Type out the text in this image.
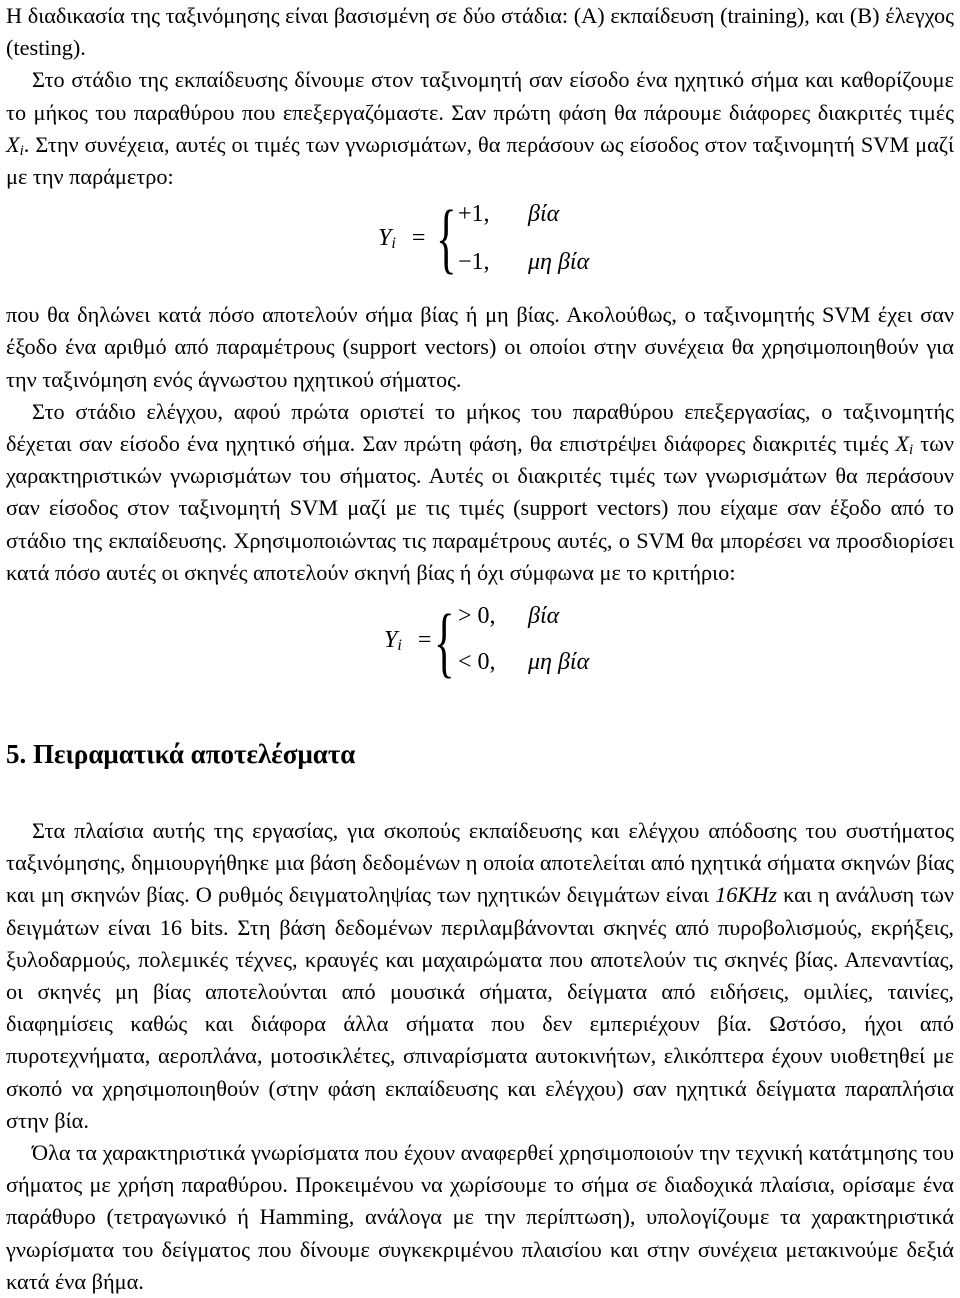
Η διαδικασία της ταξινόμησης είναι βασισμένη σε δύο στάδια: (Α) εκπαίδευση (training), και (Β) έλεγχος (testing).

Στο στάδιο της εκπαίδευσης δίνουμε στον ταξινομητή σαν είσοδο ένα ηχητικό σήμα και καθορίζουμε το μήκος του παραθύρου που επεξεργαζόμαστε. Σαν πρώτη φάση θα πάρουμε διάφορες διακριτές τιμές $X_i$. Στην συνέχεια, αυτές οι τιμές των γνωρισμάτων, θα περάσουν ως είσοδος στον ταξινομητή SVM μαζί με την παράμετρο:

$Y_i$ = { +1, βία
−1, μη βία

που θα δηλώνει κατά πόσο αποτελούν σήμα βίας ή μη βίας. Ακολούθως, ο ταξινομητής SVM έχει σαν έξοδο ένα αριθμό από παραμέτρους (support vectors) οι οποίοι στην συνέχεια θα χρησιμοποιηθούν για την ταξινόμηση ενός άγνωστου ηχητικού σήματος.

Στο στάδιο ελέγχου, αφού πρώτα οριστεί το μήκος του παραθύρου επεξεργασίας, ο ταξινομητής δέχεται σαν είσοδο ένα ηχητικό σήμα. Σαν πρώτη φάση, θα επιστρέψει διάφορες διακριτές τιμές $X_i$ των χαρακτηριστικών γνωρισμάτων του σήματος. Αυτές οι διακριτές τιμές των γνωρισμάτων θα περάσουν σαν είσοδος στον ταξινομητή SVM μαζί με τις τιμές (support vectors) που είχαμε σαν έξοδο από το στάδιο της εκπαίδευσης. Χρησιμοποιώντας τις παραμέτρους αυτές, ο SVM θα μπορέσει να προσδιορίσει κατά πόσο αυτές οι σκηνές αποτελούν σκηνή βίας ή όχι σύμφωνα με το κριτήριο:

$Y_i$ = { > 0, βία
< 0, μη βία
5. Πειραματικά αποτελέσματα

Στα πλαίσια αυτής της εργασίας, για σκοπούς εκπαίδευσης και ελέγχου απόδοσης του συστήματος ταξινόμησης, δημιουργήθηκε μια βάση δεδομένων η οποία αποτελείται από ηχητικά σήματα σκηνών βίας και μη σκηνών βίας. Ο ρυθμός δειγματοληψίας των ηχητικών δειγμάτων είναι 16KHz και η ανάλυση των δειγμάτων είναι 16 bits. Στη βάση δεδομένων περιλαμβάνονται σκηνές από πυροβολισμούς, εκρήξεις, ξυλοδαρμούς, πολεμικές τέχνες, κραυγές και μαχαιρώματα που αποτελούν τις σκηνές βίας. Απεναντίας, οι σκηνές μη βίας αποτελούνται από μουσικά σήματα, δείγματα από ειδήσεις, ομιλίες, ταινίες, διαφημίσεις καθώς και διάφορα άλλα σήματα που δεν εμπεριέχουν βία. Ωστόσο, ήχοι από πυροτεχνήματα, αεροπλάνα, μοτοσικλέτες, σπιναρίσματα αυτοκινήτων, ελικόπτερα έχουν υιοθετηθεί με σκοπό να χρησιμοποιηθούν (στην φάση εκπαίδευσης και ελέγχου) σαν ηχητικά δείγματα παραπλήσια στην βία.

Όλα τα χαρακτηριστικά γνωρίσματα που έχουν αναφερθεί χρησιμοποιούν την τεχνική κατάτμησης του σήματος με χρήση παραθύρου. Προκειμένου να χωρίσουμε το σήμα σε διαδοχικά πλαίσια, ορίσαμε ένα παράθυρο (τετραγωνικό ή Hamming, ανάλογα με την περίπτωση), υπολογίζουμε τα χαρακτηριστικά γνωρίσματα του δείγματος που δίνουμε συγκεκριμένου πλαισίου και στην συνέχεια μετακινούμε δεξιά κατά ένα βήμα.
